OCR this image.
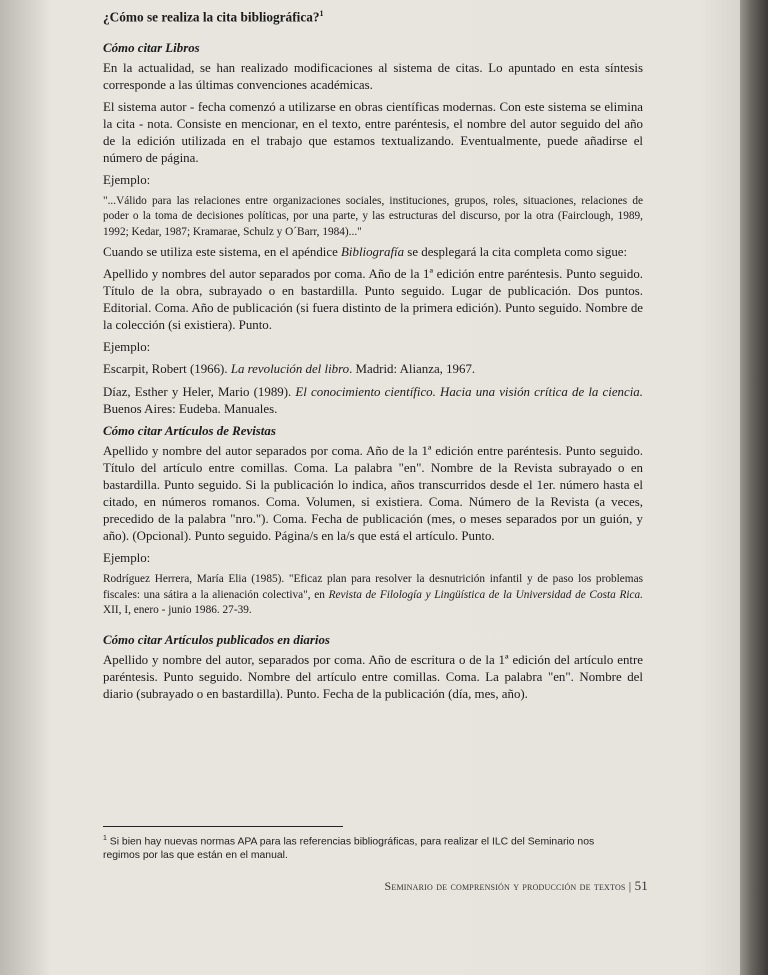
¿Cómo se realiza la cita bibliográfica?$^1$
Cómo citar Libros

En la actualidad, se han realizado modificaciones al sistema de citas. Lo apuntado en esta síntesis corresponde a las últimas convenciones académicas.

El sistema autor - fecha comenzó a utilizarse en obras científicas modernas. Con este sistema se elimina la cita - nota. Consiste en mencionar, en el texto, entre paréntesis, el nombre del autor seguido del año de la edición utilizada en el trabajo que estamos textualizando. Eventualmente, puede añadirse el número de página.

Ejemplo:

"...Válido para las relaciones entre organizaciones sociales, instituciones, grupos, roles, situaciones, relaciones de poder o la toma de decisiones políticas, por una parte, y las estructuras del discurso, por la otra (Fairclough, 1989, 1992; Kedar, 1987; Kramarae, Schulz y O´Barr, 1984)..."

Cuando se utiliza este sistema, en el apéndice Bibliografía se desplegará la cita completa como sigue:

Apellido y nombres del autor separados por coma. Año de la 1ª edición entre paréntesis. Punto seguido. Título de la obra, subrayado o en bastardilla. Punto seguido. Lugar de publicación. Dos puntos. Editorial. Coma. Año de publicación (si fuera distinto de la primera edición). Punto seguido. Nombre de la colección (si existiera). Punto.

Ejemplo:

Escarpit, Robert (1966). La revolución del libro. Madrid: Alianza, 1967.

Díaz, Esther y Heler, Mario (1989). El conocimiento científico. Hacia una visión crítica de la ciencia. Buenos Aires: Eudeba. Manuales.

Cómo citar Artículos de Revistas

Apellido y nombre del autor separados por coma. Año de la 1ª edición entre paréntesis. Punto seguido. Título del artículo entre comillas. Coma. La palabra "en". Nombre de la Revista subrayado o en bastardilla. Punto seguido. Si la publicación lo indica, años transcurridos desde el 1er. número hasta el citado, en números romanos. Coma. Volumen, si existiera. Coma. Número de la Revista (a veces, precedido de la palabra "nro."). Coma. Fecha de publicación (mes, o meses separados por un guión, y año). (Opcional). Punto seguido. Página/s en la/s que está el artículo. Punto.

Ejemplo:

Rodríguez Herrera, María Elia (1985). "Eficaz plan para resolver la desnutrición infantil y de paso los problemas fiscales: una sátira a la alienación colectiva", en Revista de Filología y Lingüística de la Universidad de Costa Rica. XII, I, enero - junio 1986. 27-39.

Cómo citar Artículos publicados en diarios

Apellido y nombre del autor, separados por coma. Año de escritura o de la 1ª edición del artículo entre paréntesis. Punto seguido. Nombre del artículo entre comillas. Coma. La palabra "en". Nombre del diario (subrayado o en bastardilla). Punto. Fecha de la publicación (día, mes, año).

$^1$ Si bien hay nuevas normas APA para las referencias bibliográficas, para realizar el ILC del Seminario nos regimos por las que están en el manual.
Seminario de comprensión y producción de textos | 51
